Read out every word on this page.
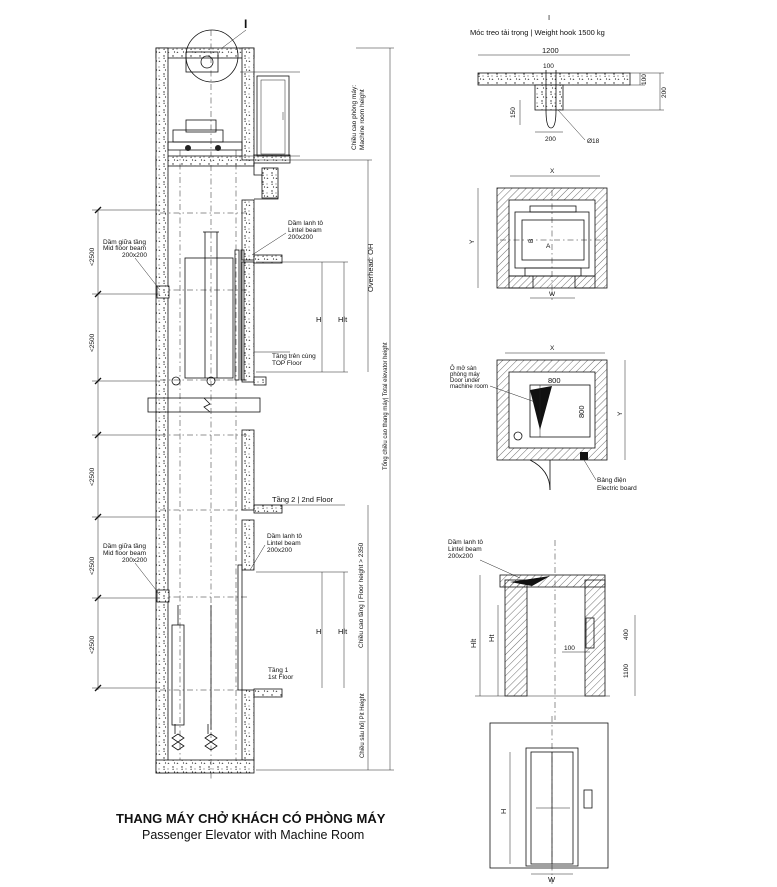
<2500
<2500
<2500
<2500
<2500
Dầm giữa tầng
Mid floor beam
200x200
Dầm giữa tầng
Mid floor beam
200x200
Dầm lanh tô
Lintel beam
200x200
Tầng trên cùng
TOP Floor
Tầng 2 | 2nd Floor
Dầm lanh tô
Lintel beam
200x200
Tầng 1
1st Floor
H Hlt
H Hlt
Chiều cao phòng máy: Machine room height
Overhead: OH
Tổng chiều cao thang máy| Total elevator height
Chiều cao tầng | Floor height > 2350
Chiều sâu hố| Pit Height
I	I
Móc treo tải trọng | Weight hook 1500 kg
1200
100
100
200
150
200	Ø18
X
B
A
Y
W
X
800
800	Y
Ô mở sàn
phòng máy
Door under
machine room
Bảng điện
Electric board
Dầm lanh tô
Lintel beam
200x200
Hlt
Ht
100
400
1100
H
W
THANG MÁY CHỞ KHÁCH CÓ PHÒNG MÁY
Passenger Elevator with Machine Room
